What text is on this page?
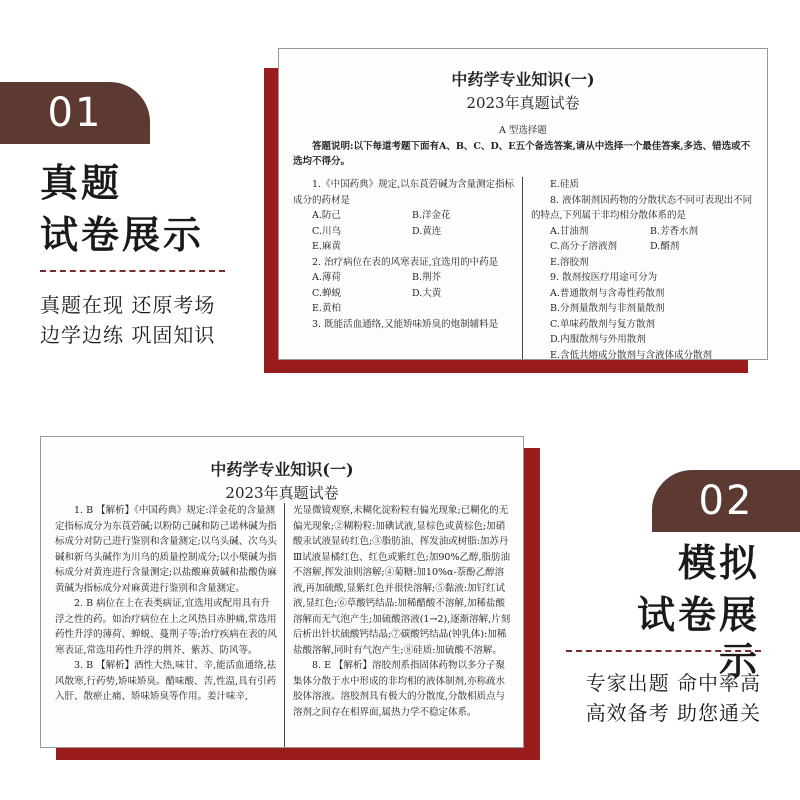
01
真题
试卷展示
真题在现 还原考场
边学边练 巩固知识
中药学专业知识(一)
2023年真题试卷
A 型选择题
答题说明:以下每道考题下面有A、B、C、D、E五个备选答案,请从中选择一个最佳答案,多选、错选或不选均不得分。
1.《中国药典》规定,以东莨菪碱为含量测定指标成分的药材是
A.防己	B.洋金花
C.川乌	D.黄连
E.麻黄
2. 治疗病位在表的风寒表证,宜选用的中药是
A.薄荷	B.荆芥
C.蝉蜕	D.大黄
E.黄柏
3. 既能活血通络,又能矫味矫臭的炮制辅料是
E.硅质
8. 液体制剂因药物的分散状态不同可表现出不同的特点,下列属于非均相分散体系的是
A.甘油剂	B.芳香水剂
C.高分子溶液剂	D.醑剂
E.溶胶剂
9. 散剂按医疗用途可分为
A.普通散剂与含毒性药散剂
B.分剂量散剂与非剂量散剂
C.单味药散剂与复方散剂
D.内服散剂与外用散剂
E.含低共熔成分散剂与含液体成分散剂
中药学专业知识(一)
2023年真题试卷
1. B 【解析】《中国药典》规定:洋金花的含量测定指标成分为东莨菪碱;以粉防己碱和防己诺林碱为指标成分对防己进行鉴别和含量测定;以乌头碱、次乌头碱和新乌头碱作为川乌的质量控制成分;以小檗碱为指标成分对黄连进行含量测定;以盐酸麻黄碱和盐酸伪麻黄碱为指标成分对麻黄进行鉴别和含量测定。
2. B 病位在上在表类病证,宜选用或配用具有升浮之性的药。如治疗病位在上之风热目赤肿痛,常选用药性升浮的薄荷、蝉蜕、蔓荆子等;治疗疾病在表的风寒表证,常选用药性升浮的荆芥、紫苏、防风等。
3. B 【解析】酒性大热,味甘、辛,能活血通络,祛风散寒,行药势,矫味矫臭。醋味酸、苦,性温,具有引药入肝、散瘀止痛、矫味矫臭等作用。姜汁味辛,
光显微镜观察,未糊化淀粉粒有偏光现象;已糊化的无偏光现象;②糊粉粒:加碘试液,显棕色或黄棕色;加硝酸汞试液显砖红色;③脂肪油、挥发油或树脂:加苏丹Ⅲ试液显橘红色、红色或紫红色;加90%乙醇,脂肪油不溶解,挥发油则溶解;④菊糖:加10%α-萘酚乙醇溶液,再加硫酸,显紫红色并很快溶解;⑤黏液:加钌红试液,显红色;⑥草酸钙结晶:加稀醋酸不溶解,加稀盐酸溶解而无气泡产生;加硫酸溶液(1→2),逐渐溶解,片刻后析出针状硫酸钙结晶;⑦碳酸钙结晶(钟乳体):加稀盐酸溶解,同时有气泡产生;⑧硅质:加硫酸不溶解。
8. E 【解析】溶胶剂系指固体药物以多分子聚集体分散于水中形成的非均相的液体制剂,亦称疏水胶体溶液。溶胶剂具有极大的分散度,分散相质点与溶剂之间存在相界面,属热力学不稳定体系。
02
模拟
试卷展示
专家出题 命中率高
高效备考 助您通关
